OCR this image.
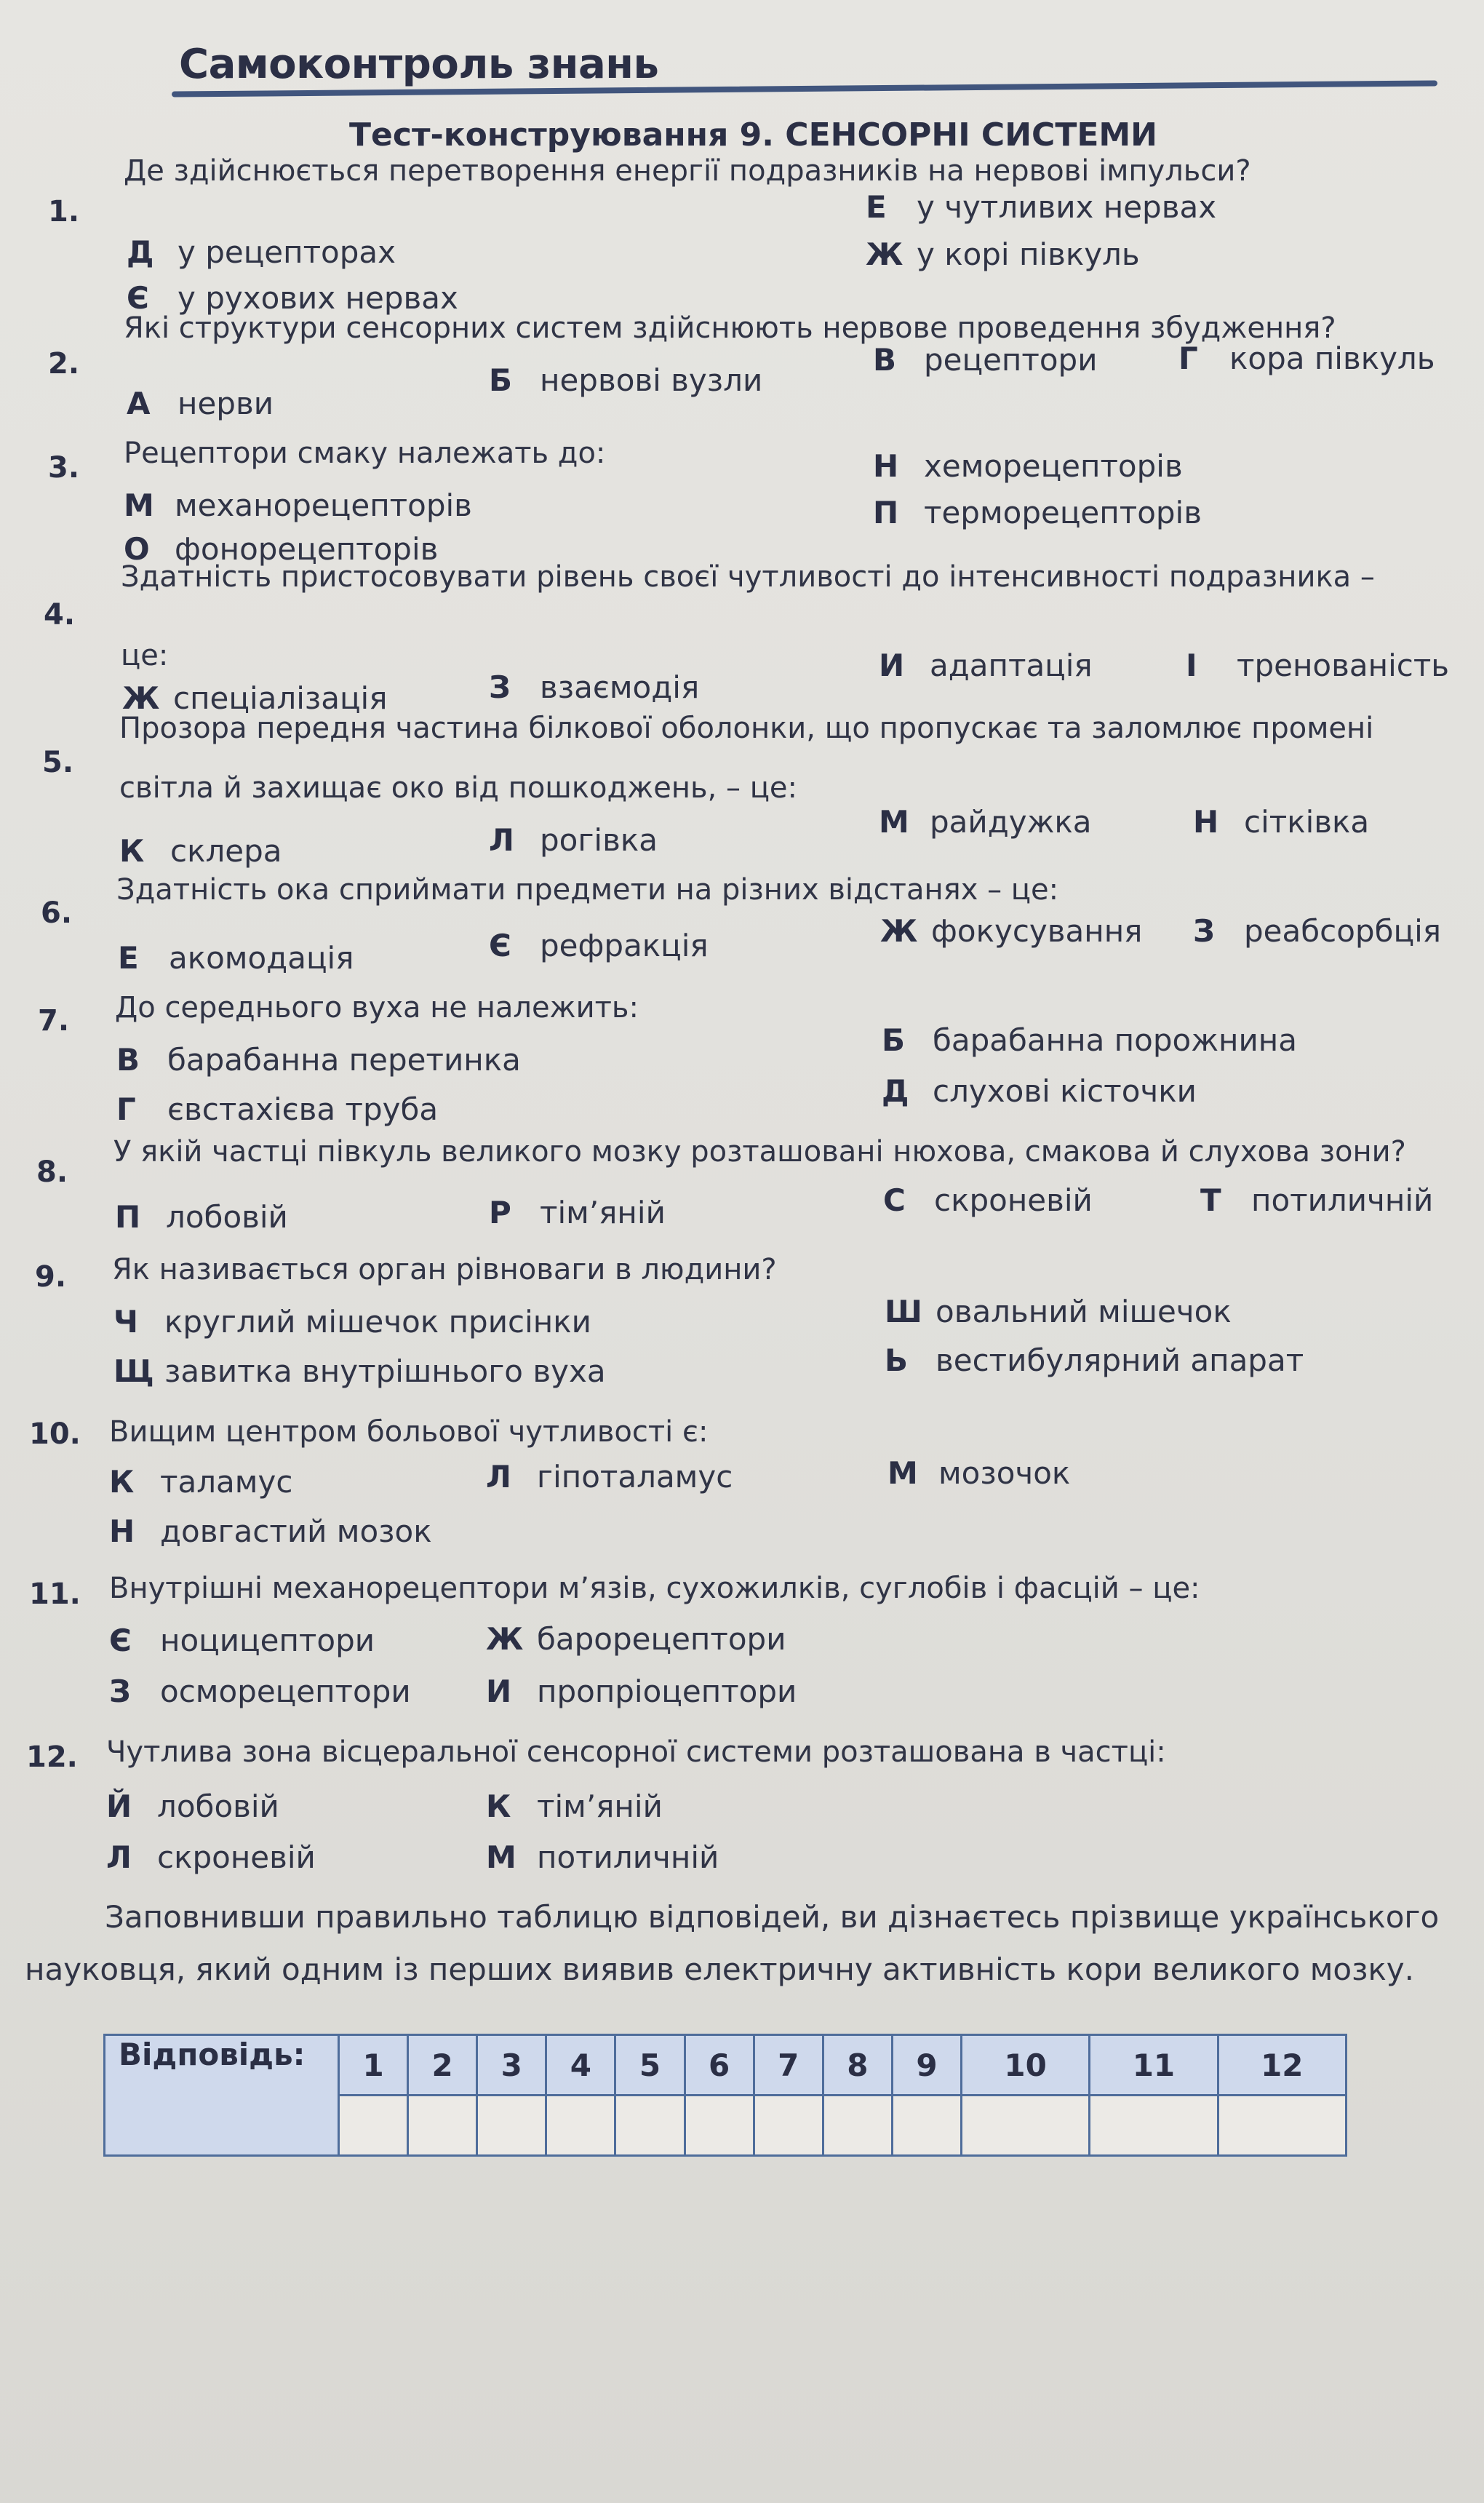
Самоконтроль знань
Тест-конструювання 9. СЕНСОРНІ СИСТЕМИ
1.
Де здійснюється перетворення енергії подразників на нервові імпульси?
Д у рецепторах
Є у рухових нервах
Е у чутливих нервах
Ж у корі півкуль
2.
Які структури сенсорних систем здійснюють нервове проведення збудження?
А нерви
Б нервові вузли
В рецептори	Г кора півкуль
3. Рецептори смаку належать до:
М механорецепторів
О фонорецепторів
Н хеморецепторів
П терморецепторів
4.
Здатність пристосовувати рівень своєї чутливості до інтенсивності подразника –
це:
Ж спеціалізація	З взаємодія
И адаптація	І тренованість
5.
Прозора передня частина білкової оболонки, що пропускає та заломлює промені
світла й захищає око від пошкоджень, – це:
К склера	Л рогівка
М райдужка	Н сітківка
6.
Здатність ока сприймати предмети на різних відстанях – це:
Е акомодація	Є рефракція	Ж фокусування З реабсорбція
7. До середнього вуха не належить:
В барабанна перетинка
Г євстахієва труба
Б барабанна порожнина
Д слухові кісточки
8.
У якій частці півкуль великого мозку розташовані нюхова, смакова й слухова зони?
П лобовій	Р тім’яній	С скроневій	Т потиличній
9. Як називається орган рівноваги в людини?
Ч круглий мішечок присінки
Щ завитка внутрішнього вуха
Ш овальний мішечок
Ь вестибулярний апарат
10. Вищим центром больової чутливості є:
К таламус	Л гіпоталамус	М мозочок
Н довгастий мозок
11. Внутрішні механорецептори м’язів, сухожилків, суглобів і фасцій – це:
Є ноцицептори	Ж барорецептори
З осморецептори И пропріоцептори
12. Чутлива зона вісцеральної сенсорної системи розташована в частці:
Й лобовій	К тім’яній
Л скроневій	М потиличній
Заповнивши правильно таблицю відповідей, ви дізнаєтесь прізвище українського
науковця, який одним із перших виявив електричну активність кори великого мозку.
Відповідь:	1	2	3	4	5	6	7	8	9	10	11	12
